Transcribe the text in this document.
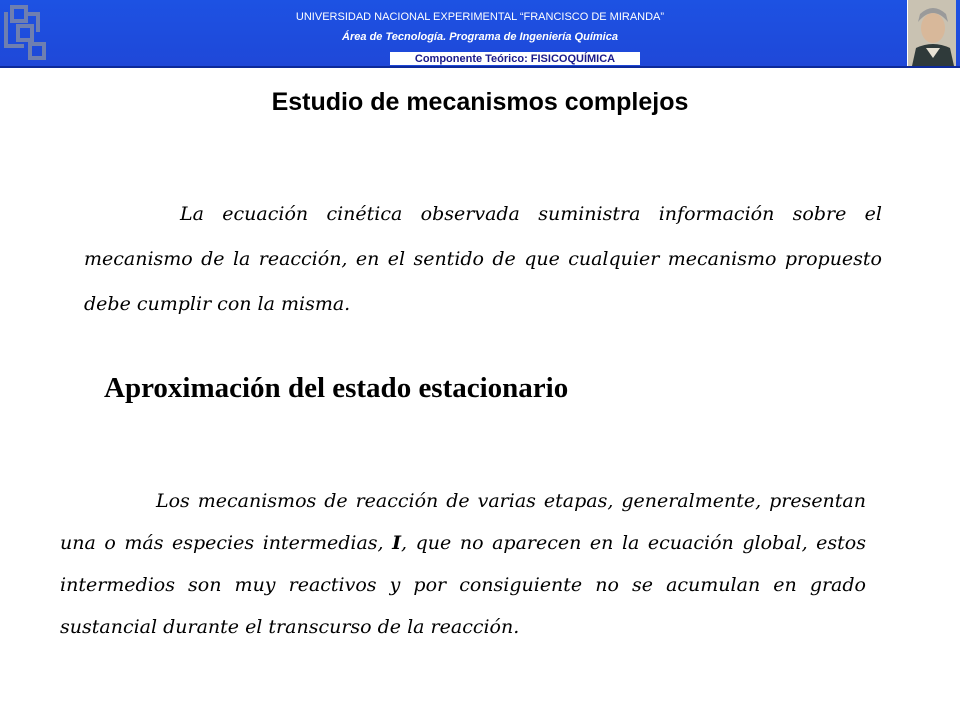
UNIVERSIDAD NACIONAL EXPERIMENTAL “FRANCISCO DE MIRANDA”
Área de Tecnología. Programa de Ingeniería Química
Componente Teórico: FISICOQUÍMICA
Estudio de mecanismos complejos
La ecuación cinética observada suministra información sobre el mecanismo de la reacción, en el sentido de que cualquier mecanismo propuesto debe cumplir con la misma.
Aproximación del estado estacionario
Los mecanismos de reacción de varias etapas, generalmente, presentan una o más especies intermedias, I, que no aparecen en la ecuación global, estos intermedios son muy reactivos y por consiguiente no se acumulan en grado sustancial durante el transcurso de la reacción.
